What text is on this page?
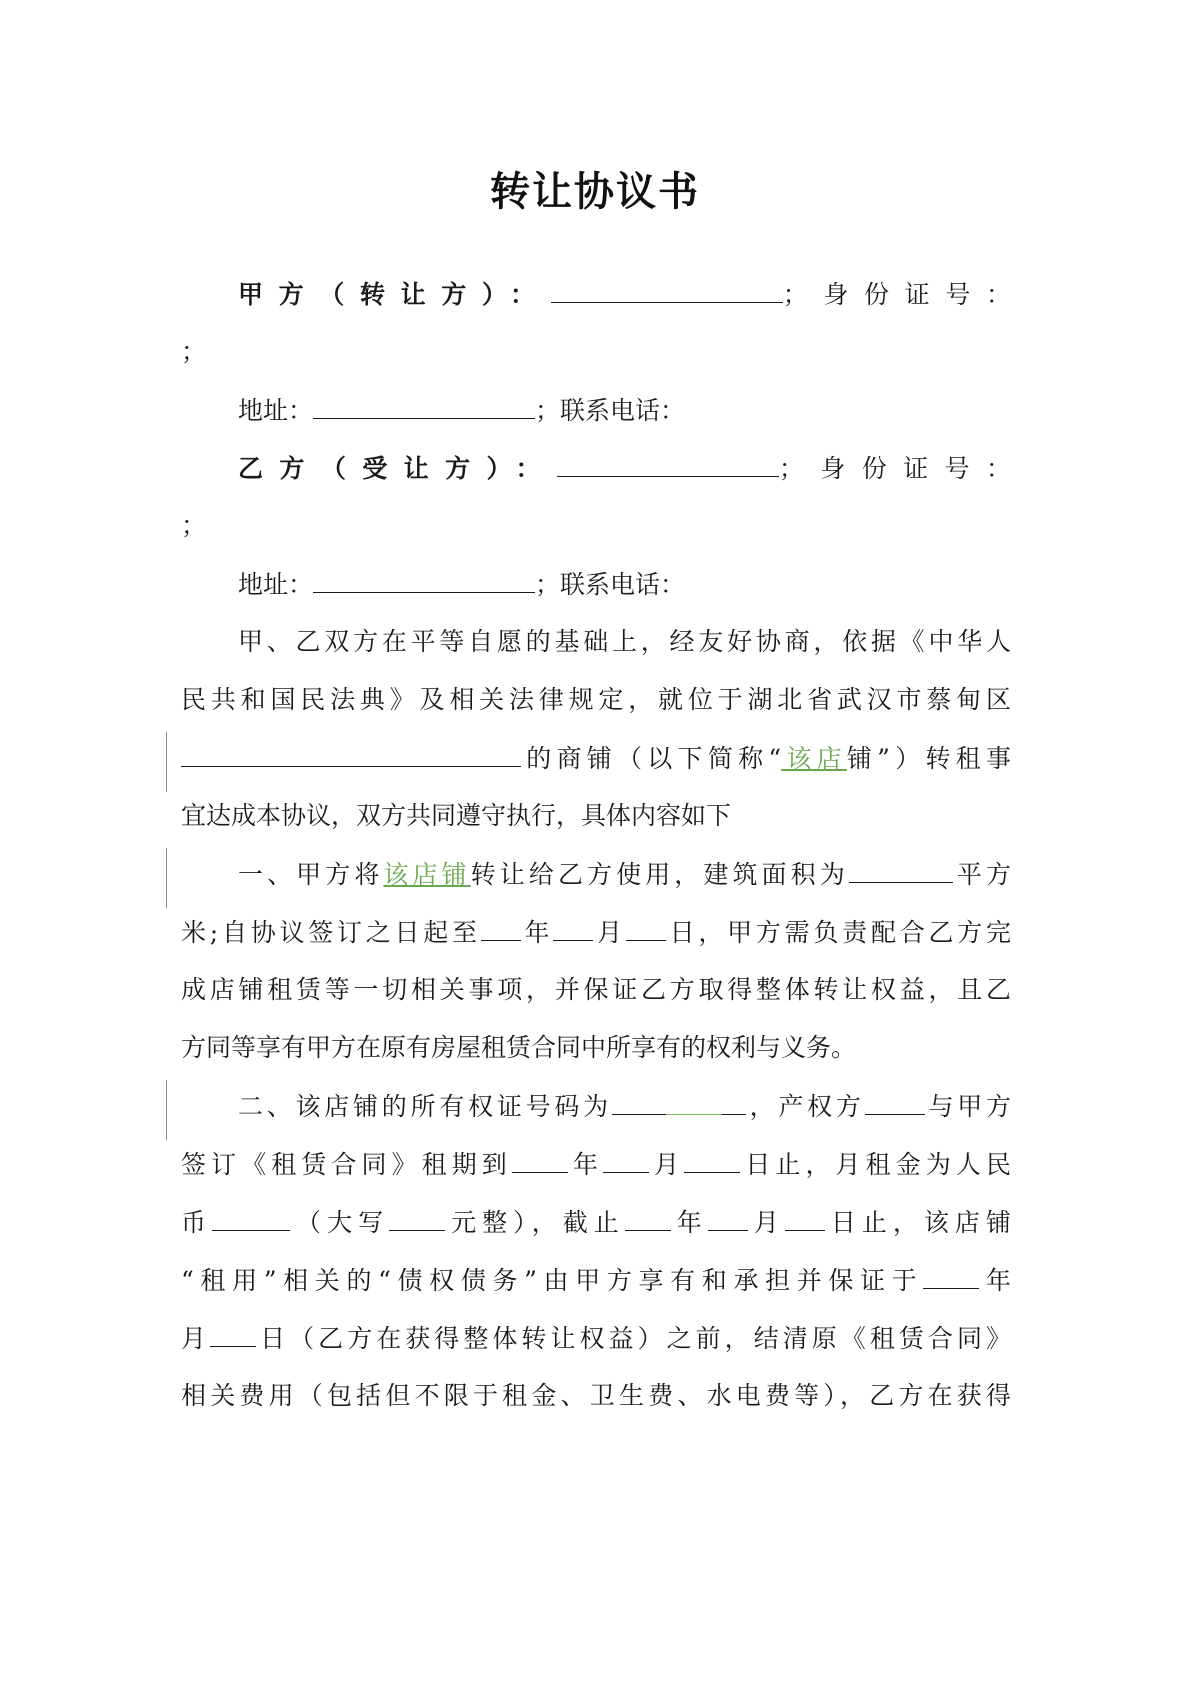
转让协议书
甲方（转让方）：	；身份证号：
；
地址：	；联系电话：
乙方（受让方）：	；身份证号：
；
地址：	；联系电话：
甲、乙双方在平等自愿的基础上，经友好协商，依据《中华人
民共和国民法典》及相关法律规定，就位于湖北省武汉市蔡甸区
的商铺（以下简称“该店铺”）转租事
宜达成本协议，双方共同遵守执行，具体内容如下
一、甲方将该店铺转让给乙方使用，建筑面积为	平方
米;自协议签订之日起至 年 月 日，甲方需负责配合乙方完
成店铺租赁等一切相关事项，并保证乙方取得整体转让权益，且乙
方同等享有甲方在原有房屋租赁合同中所享有的权利与义务。
二、该店铺的所有权证号码为	，产权方 与甲方
签订《租赁合同》租期到 年 月 日止，月租金为人民
币	（大写 元整），截止 年 月 日止，该店铺
“租用”相关的“债权债务”由甲方享有和承担并保证于 年
月 日（乙方在获得整体转让权益）之前，结清原《租赁合同》
相关费用（包括但不限于租金、卫生费、水电费等），乙方在获得
